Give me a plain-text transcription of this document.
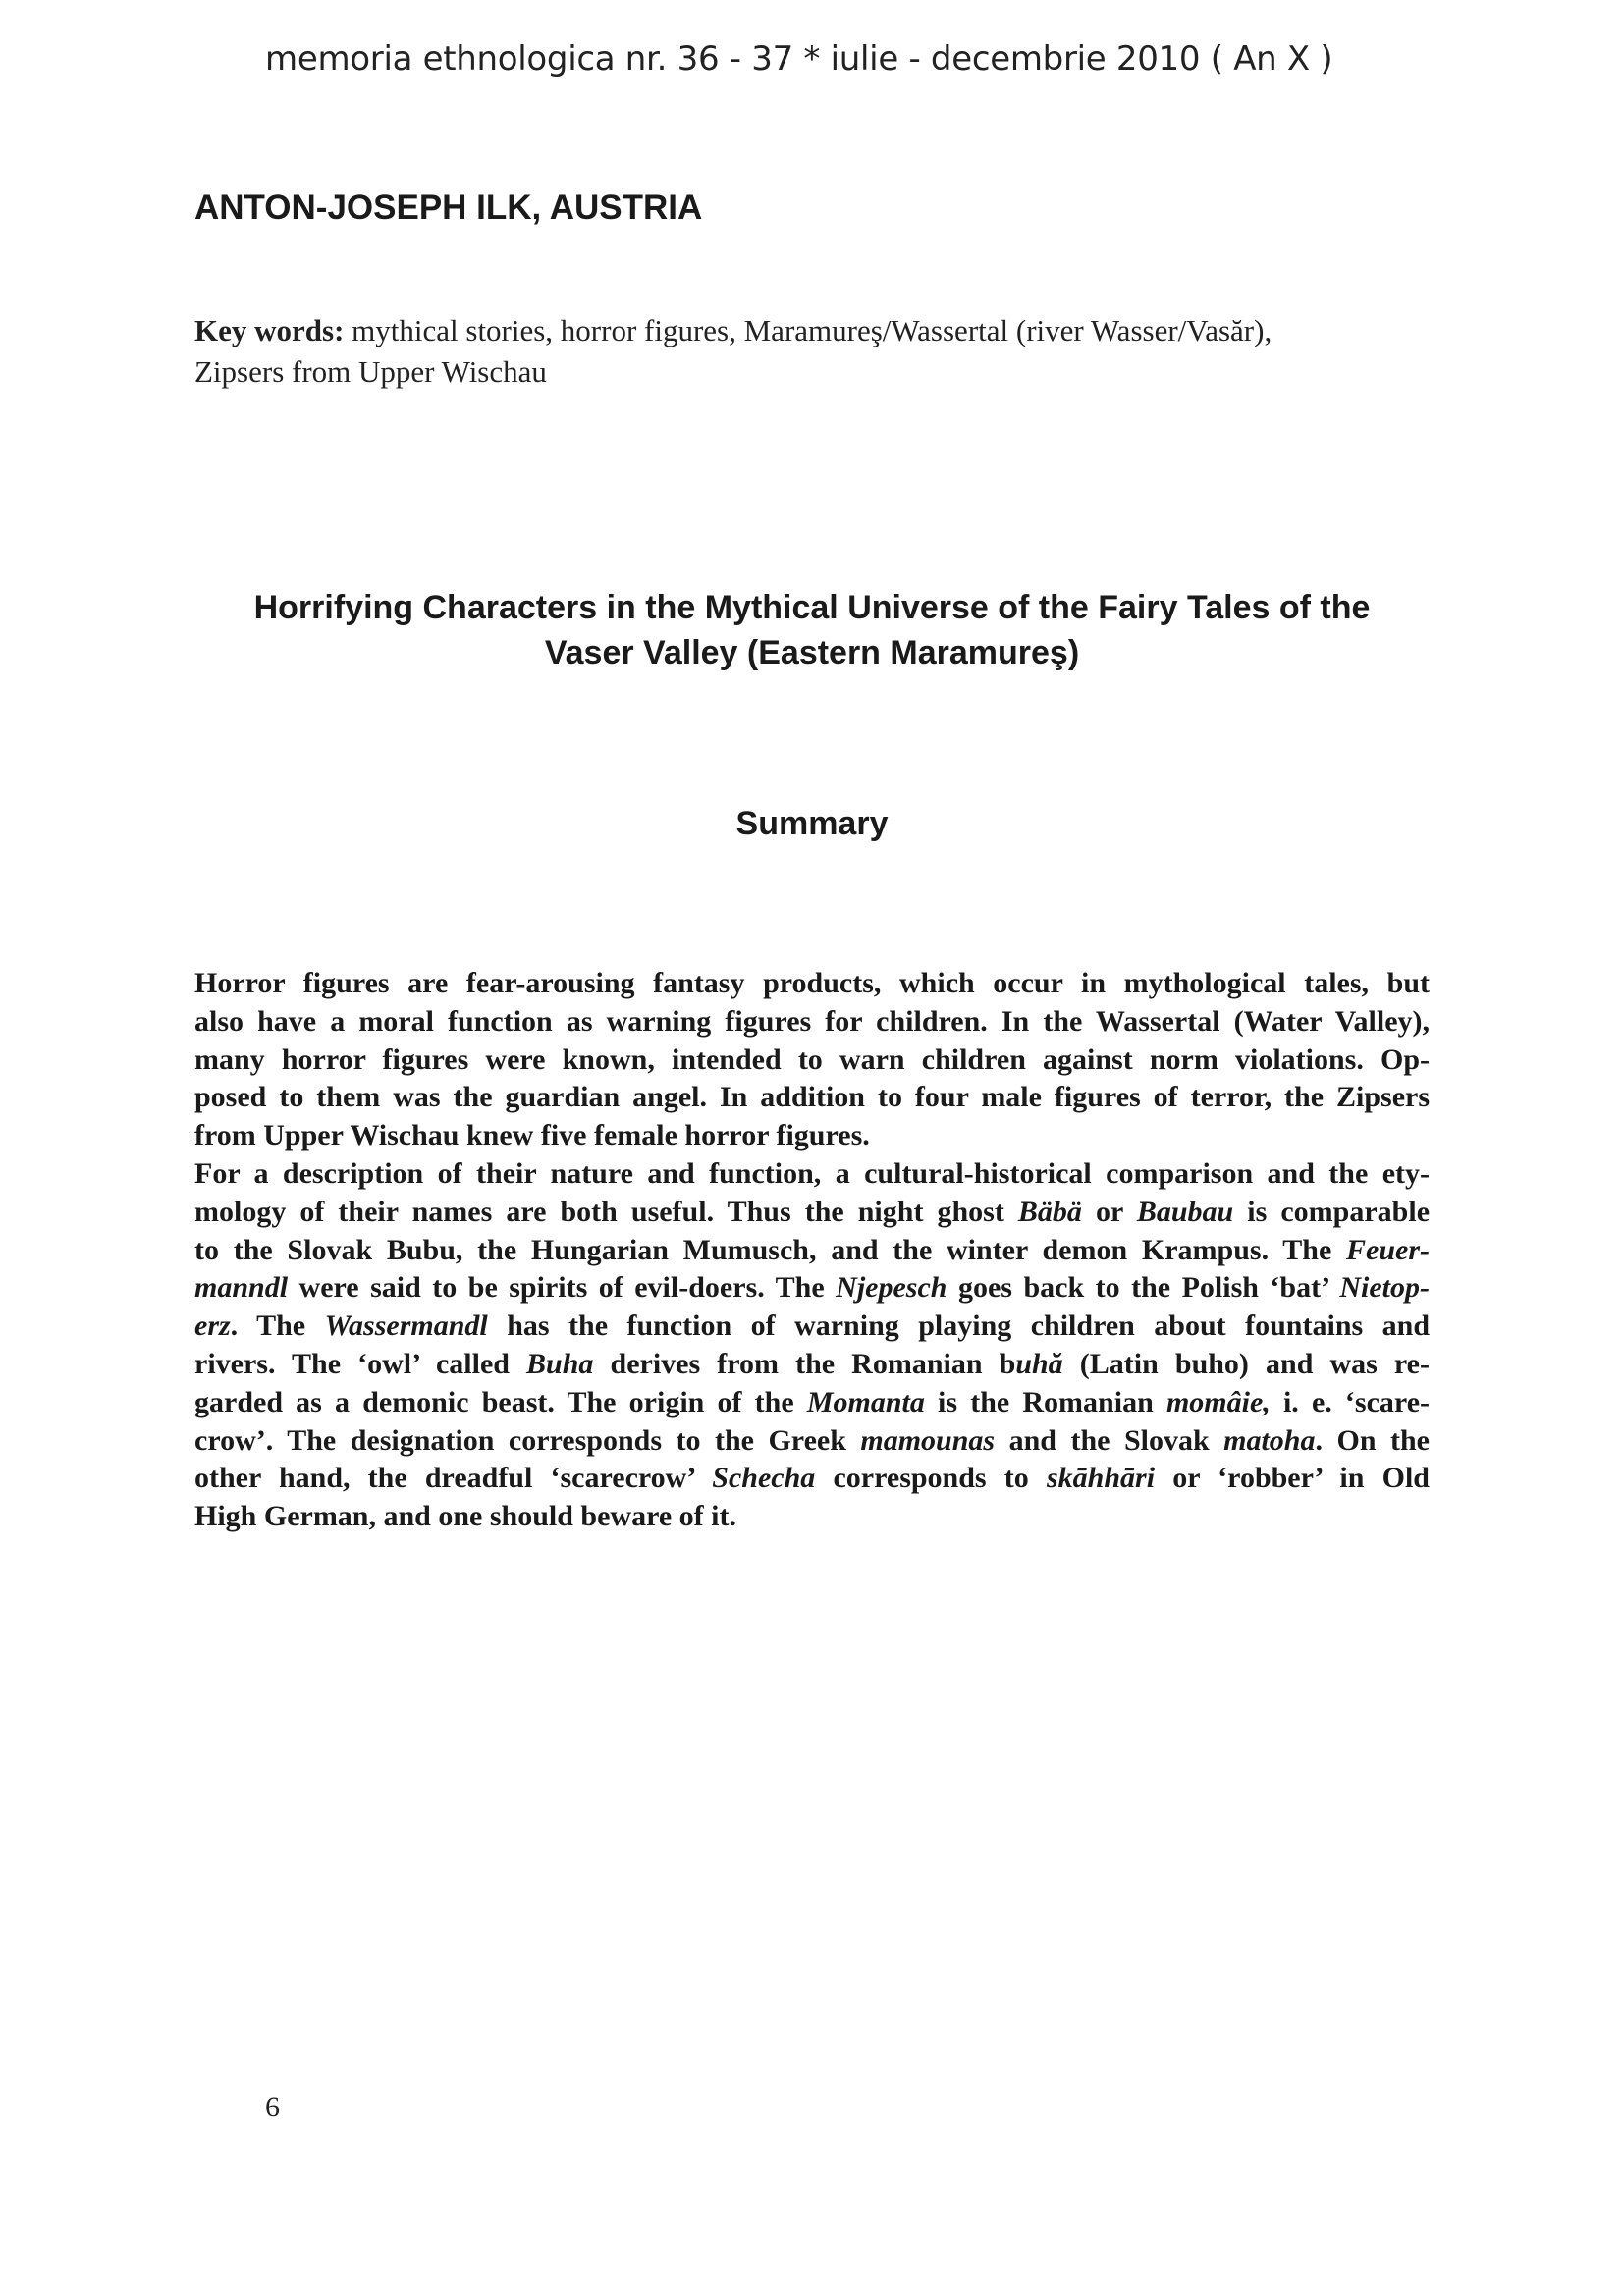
memoria ethnologica nr. 36 - 37 * iulie - decembrie 2010 ( An X )
ANTON-JOSEPH ILK, AUSTRIA
Key words: mythical stories, horror figures, Maramureş/Wassertal (river Wasser/Vasăr),
Zipsers from Upper Wischau
Horrifying Characters in the Mythical Universe of the Fairy Tales of the
Vaser Valley (Eastern Maramureş)
Summary
Horror figures are fear-arousing fantasy products, which occur in mythological tales, but
also have a moral function as warning figures for children. In the Wassertal (Water Valley),
many horror figures were known, intended to warn children against norm violations. Op-
posed to them was the guardian angel. In addition to four male figures of terror, the Zipsers
from Upper Wischau knew five female horror figures.
For a description of their nature and function, a cultural-historical comparison and the ety-
mology of their names are both useful. Thus the night ghost Bäbä or Baubau is comparable
to the Slovak Bubu, the Hungarian Mumusch, and the winter demon Krampus. The Feuer-
manndl were said to be spirits of evil-doers. The Njepesch goes back to the Polish ‘bat’ Nietop-
erz. The Wassermandl has the function of warning playing children about fountains and
rivers. The ‘owl’ called Buha derives from the Romanian buhă (Latin buho) and was re-
garded as a demonic beast. The origin of the Momanta is the Romanian momâie, i. e. ‘scare-
crow’. The designation corresponds to the Greek mamounas and the Slovak matoha. On the
other hand, the dreadful ‘scarecrow’ Schecha corresponds to skāhhāri or ‘robber’ in Old
High German, and one should beware of it.
6
